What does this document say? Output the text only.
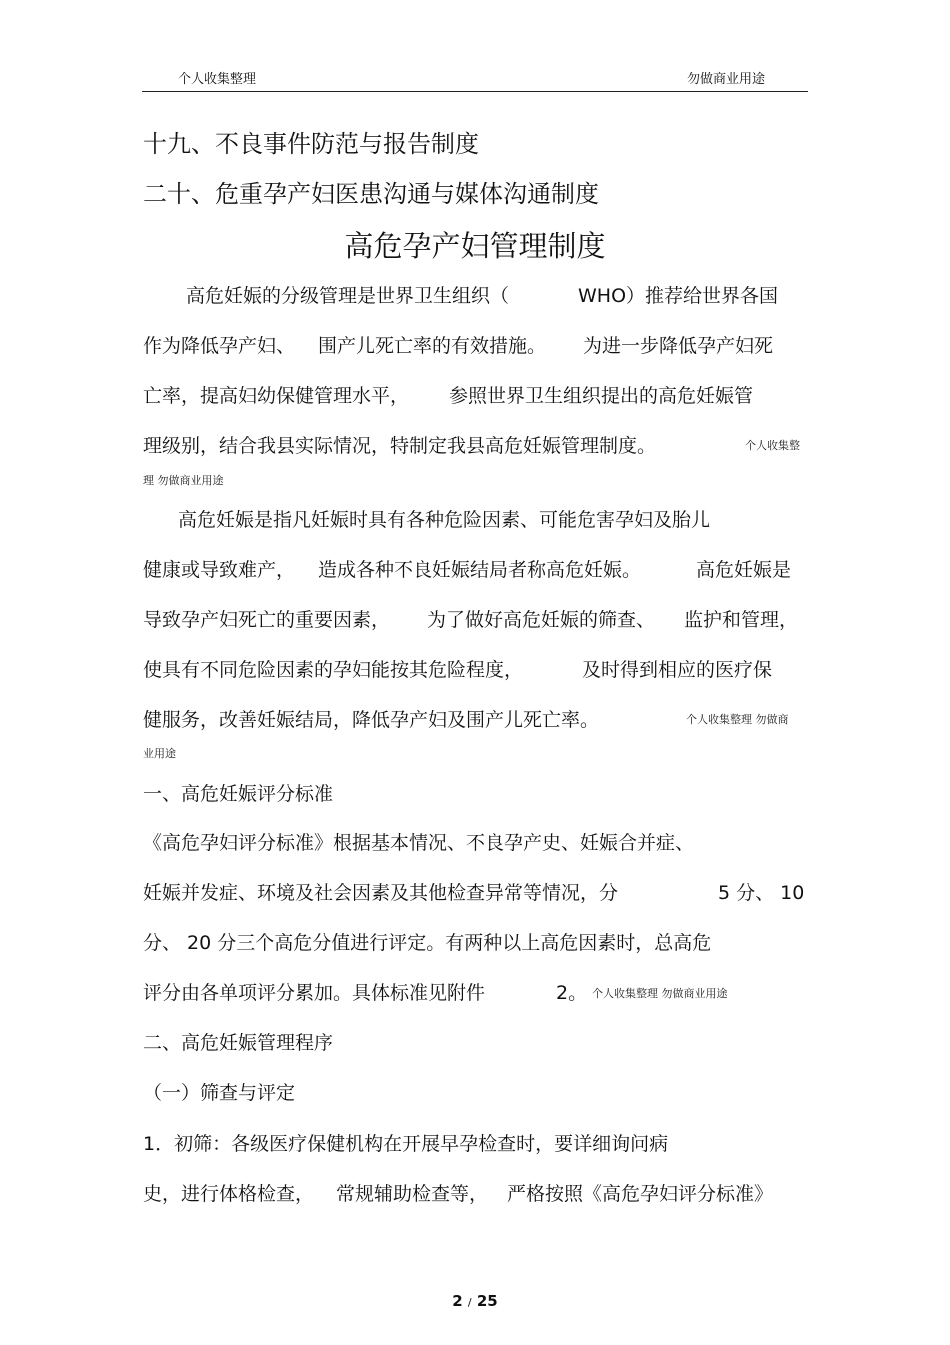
个人收集整理	勿做商业用途
十九、不良事件防范与报告制度
二十、危重孕产妇医患沟通与媒体沟通制度
高危孕产妇管理制度
高危妊娠的分级管理是世界卫生组织（	WHO）推荐给世界各国
作为降低孕产妇、 围产儿死亡率的有效措施。 为进一步降低孕产妇死
亡率，提高妇幼保健管理水平， 参照世界卫生组织提出的高危妊娠管
理级别，结合我县实际情况，特制定我县高危妊娠管理制度。	个人收集整
理 勿做商业用途
高危妊娠是指凡妊娠时具有各种危险因素、可能危害孕妇及胎儿
健康或导致难产， 造成各种不良妊娠结局者称高危妊娠。	高危妊娠是
导致孕产妇死亡的重要因素， 为了做好高危妊娠的筛查、 监护和管理，
使具有不同危险因素的孕妇能按其危险程度，	及时得到相应的医疗保
健服务，改善妊娠结局，降低孕产妇及围产儿死亡率。	个人收集整理 勿做商
业用途
一、高危妊娠评分标准
《高危孕妇评分标准》根据基本情况、不良孕产史、妊娠合并症、
妊娠并发症、环境及社会因素及其他检查异常等情况，分	5 分、 10
分、 20 分三个高危分值进行评定。有两种以上高危因素时，总高危
评分由各单项评分累加。具体标准见附件	2。 个人收集整理 勿做商业用途
二、高危妊娠管理程序
（一）筛查与评定
1．初筛：各级医疗保健机构在开展早孕检查时，要详细询问病
史，进行体格检查， 常规辅助检查等， 严格按照《高危孕妇评分标准》
2 / 25
